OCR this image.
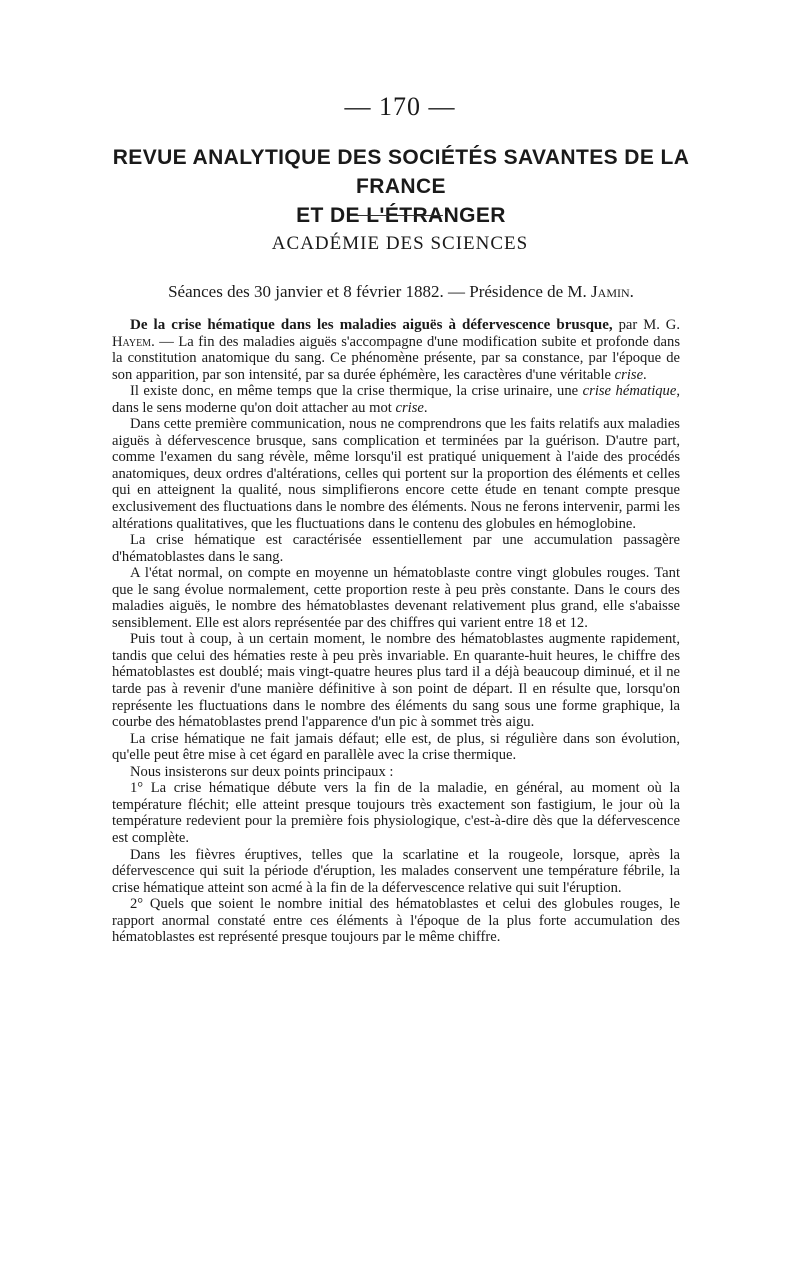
— 170 —
REVUE ANALYTIQUE DES SOCIÉTÉS SAVANTES DE LA FRANCE
ET DE L'ÉTRANGER
ACADÉMIE DES SCIENCES
Séances des 30 janvier et 8 février 1882. — Présidence de M. Jamin.

De la crise hématique dans les maladies aiguës à défervescence brusque, par M. G. Hayem. — La fin des maladies aiguës s'accompagne d'une modification subite et profonde dans la constitution anatomique du sang. Ce phénomène présente, par sa constance, par l'époque de son apparition, par son intensité, par sa durée éphémère, les caractères d'une véritable crise.

Il existe donc, en même temps que la crise thermique, la crise urinaire, une crise hématique, dans le sens moderne qu'on doit attacher au mot crise.

Dans cette première communication, nous ne comprendrons que les faits relatifs aux maladies aiguës à défervescence brusque, sans complication et terminées par la guérison. D'autre part, comme l'examen du sang révèle, même lorsqu'il est pratiqué uniquement à l'aide des procédés anatomiques, deux ordres d'altérations, celles qui portent sur la proportion des éléments et celles qui en atteignent la qualité, nous simplifierons encore cette étude en tenant compte presque exclusivement des fluctuations dans le nombre des éléments. Nous ne ferons intervenir, parmi les altérations qualitatives, que les fluctuations dans le contenu des globules en hémoglobine.

La crise hématique est caractérisée essentiellement par une accumulation passagère d'hématoblastes dans le sang.

A l'état normal, on compte en moyenne un hématoblaste contre vingt globules rouges. Tant que le sang évolue normalement, cette proportion reste à peu près constante. Dans le cours des maladies aiguës, le nombre des hématoblastes devenant relativement plus grand, elle s'abaisse sensiblement. Elle est alors représentée par des chiffres qui varient entre 18 et 12.

Puis tout à coup, à un certain moment, le nombre des hématoblastes augmente rapidement, tandis que celui des hématies reste à peu près invariable. En quarante-huit heures, le chiffre des hématoblastes est doublé; mais vingt-quatre heures plus tard il a déjà beaucoup diminué, et il ne tarde pas à revenir d'une manière définitive à son point de départ. Il en résulte que, lorsqu'on représente les fluctuations dans le nombre des éléments du sang sous une forme graphique, la courbe des hématoblastes prend l'apparence d'un pic à sommet très aigu.

La crise hématique ne fait jamais défaut; elle est, de plus, si régulière dans son évolution, qu'elle peut être mise à cet égard en parallèle avec la crise thermique.

Nous insisterons sur deux points principaux :

1° La crise hématique débute vers la fin de la maladie, en général, au moment où la température fléchit; elle atteint presque toujours très exactement son fastigium, le jour où la température redevient pour la première fois physiologique, c'est-à-dire dès que la défervescence est complète.

Dans les fièvres éruptives, telles que la scarlatine et la rougeole, lorsque, après la défervescence qui suit la période d'éruption, les malades conservent une température fébrile, la crise hématique atteint son acmé à la fin de la défervescence relative qui suit l'éruption.

2° Quels que soient le nombre initial des hématoblastes et celui des globules rouges, le rapport anormal constaté entre ces éléments à l'époque de la plus forte accumulation des hématoblastes est représenté presque toujours par le même chiffre.
